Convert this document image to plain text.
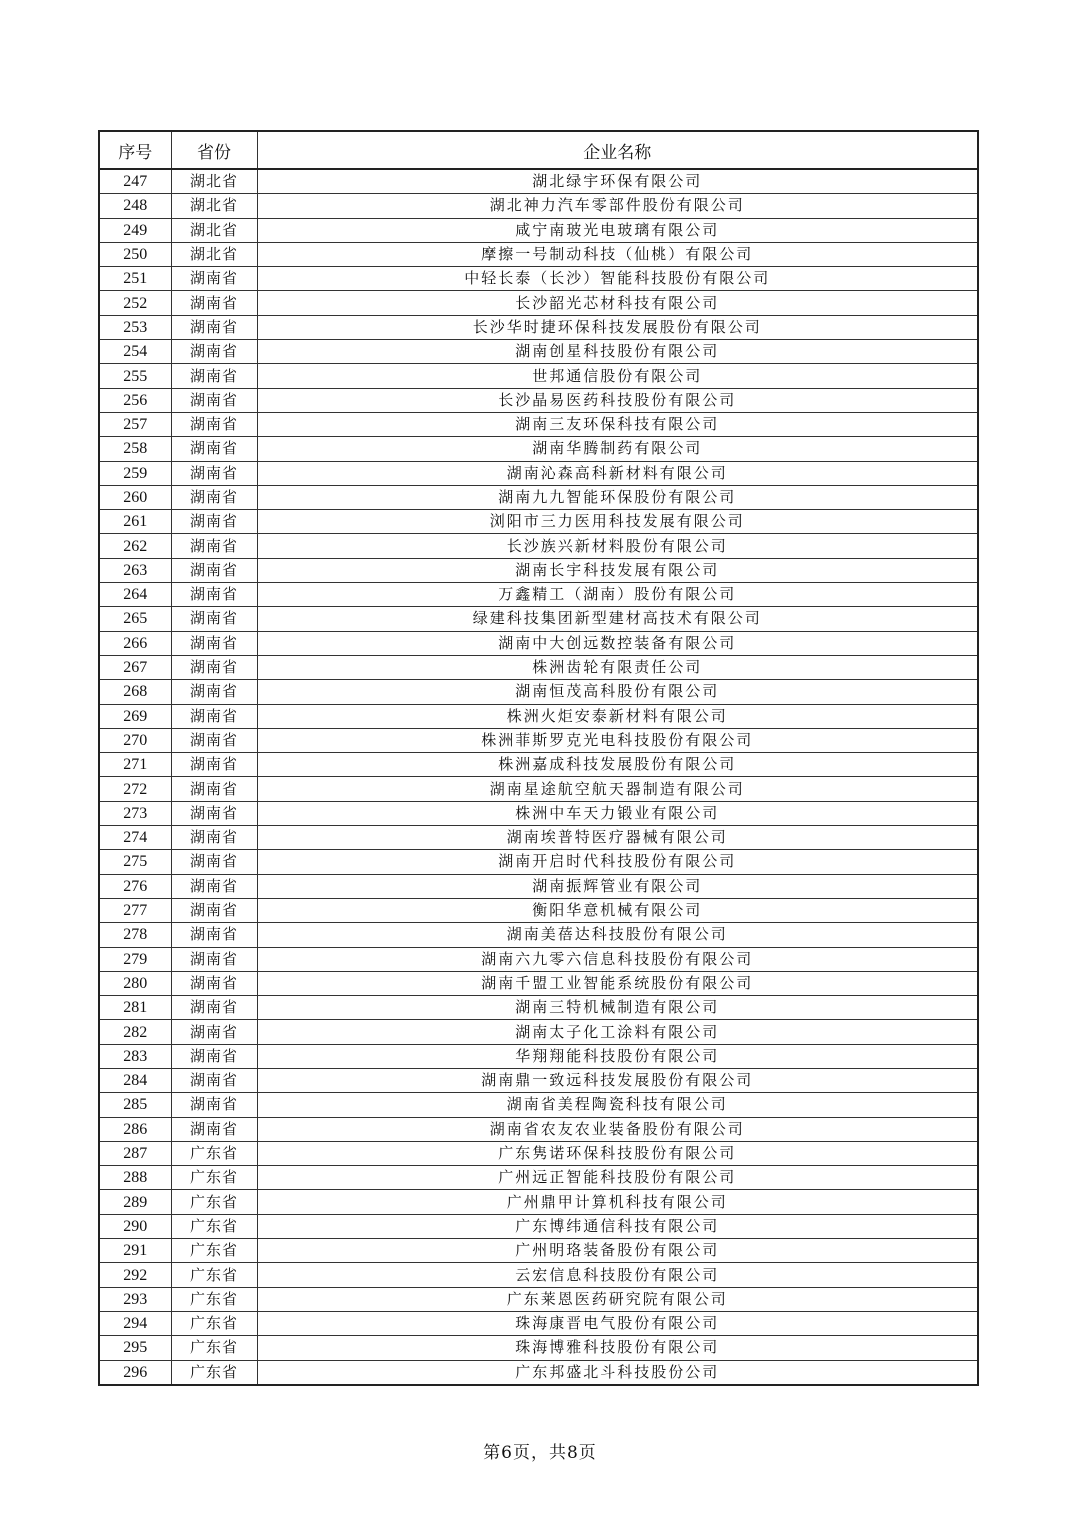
序号	省份	企业名称
247	湖北省	湖北绿宇环保有限公司
248	湖北省	湖北神力汽车零部件股份有限公司
249	湖北省	咸宁南玻光电玻璃有限公司
250	湖北省	摩擦一号制动科技（仙桃）有限公司
251	湖南省	中轻长泰（长沙）智能科技股份有限公司
252	湖南省	长沙韶光芯材科技有限公司
253	湖南省	长沙华时捷环保科技发展股份有限公司
254	湖南省	湖南创星科技股份有限公司
255	湖南省	世邦通信股份有限公司
256	湖南省	长沙晶易医药科技股份有限公司
257	湖南省	湖南三友环保科技有限公司
258	湖南省	湖南华腾制药有限公司
259	湖南省	湖南沁森高科新材料有限公司
260	湖南省	湖南九九智能环保股份有限公司
261	湖南省	浏阳市三力医用科技发展有限公司
262	湖南省	长沙族兴新材料股份有限公司
263	湖南省	湖南长宇科技发展有限公司
264	湖南省	万鑫精工（湖南）股份有限公司
265	湖南省	绿建科技集团新型建材高技术有限公司
266	湖南省	湖南中大创远数控装备有限公司
267	湖南省	株洲齿轮有限责任公司
268	湖南省	湖南恒茂高科股份有限公司
269	湖南省	株洲火炬安泰新材料有限公司
270	湖南省	株洲菲斯罗克光电科技股份有限公司
271	湖南省	株洲嘉成科技发展股份有限公司
272	湖南省	湖南星途航空航天器制造有限公司
273	湖南省	株洲中车天力锻业有限公司
274	湖南省	湖南埃普特医疗器械有限公司
275	湖南省	湖南开启时代科技股份有限公司
276	湖南省	湖南振辉管业有限公司
277	湖南省	衡阳华意机械有限公司
278	湖南省	湖南美蓓达科技股份有限公司
279	湖南省	湖南六九零六信息科技股份有限公司
280	湖南省	湖南千盟工业智能系统股份有限公司
281	湖南省	湖南三特机械制造有限公司
282	湖南省	湖南太子化工涂料有限公司
283	湖南省	华翔翔能科技股份有限公司
284	湖南省	湖南鼎一致远科技发展股份有限公司
285	湖南省	湖南省美程陶瓷科技有限公司
286	湖南省	湖南省农友农业装备股份有限公司
287	广东省	广东隽诺环保科技股份有限公司
288	广东省	广州远正智能科技股份有限公司
289	广东省	广州鼎甲计算机科技有限公司
290	广东省	广东博纬通信科技有限公司
291	广东省	广州明珞装备股份有限公司
292	广东省	云宏信息科技股份有限公司
293	广东省	广东莱恩医药研究院有限公司
294	广东省	珠海康晋电气股份有限公司
295	广东省	珠海博雅科技股份有限公司
296	广东省	广东邦盛北斗科技股份公司
第6页，共8页
